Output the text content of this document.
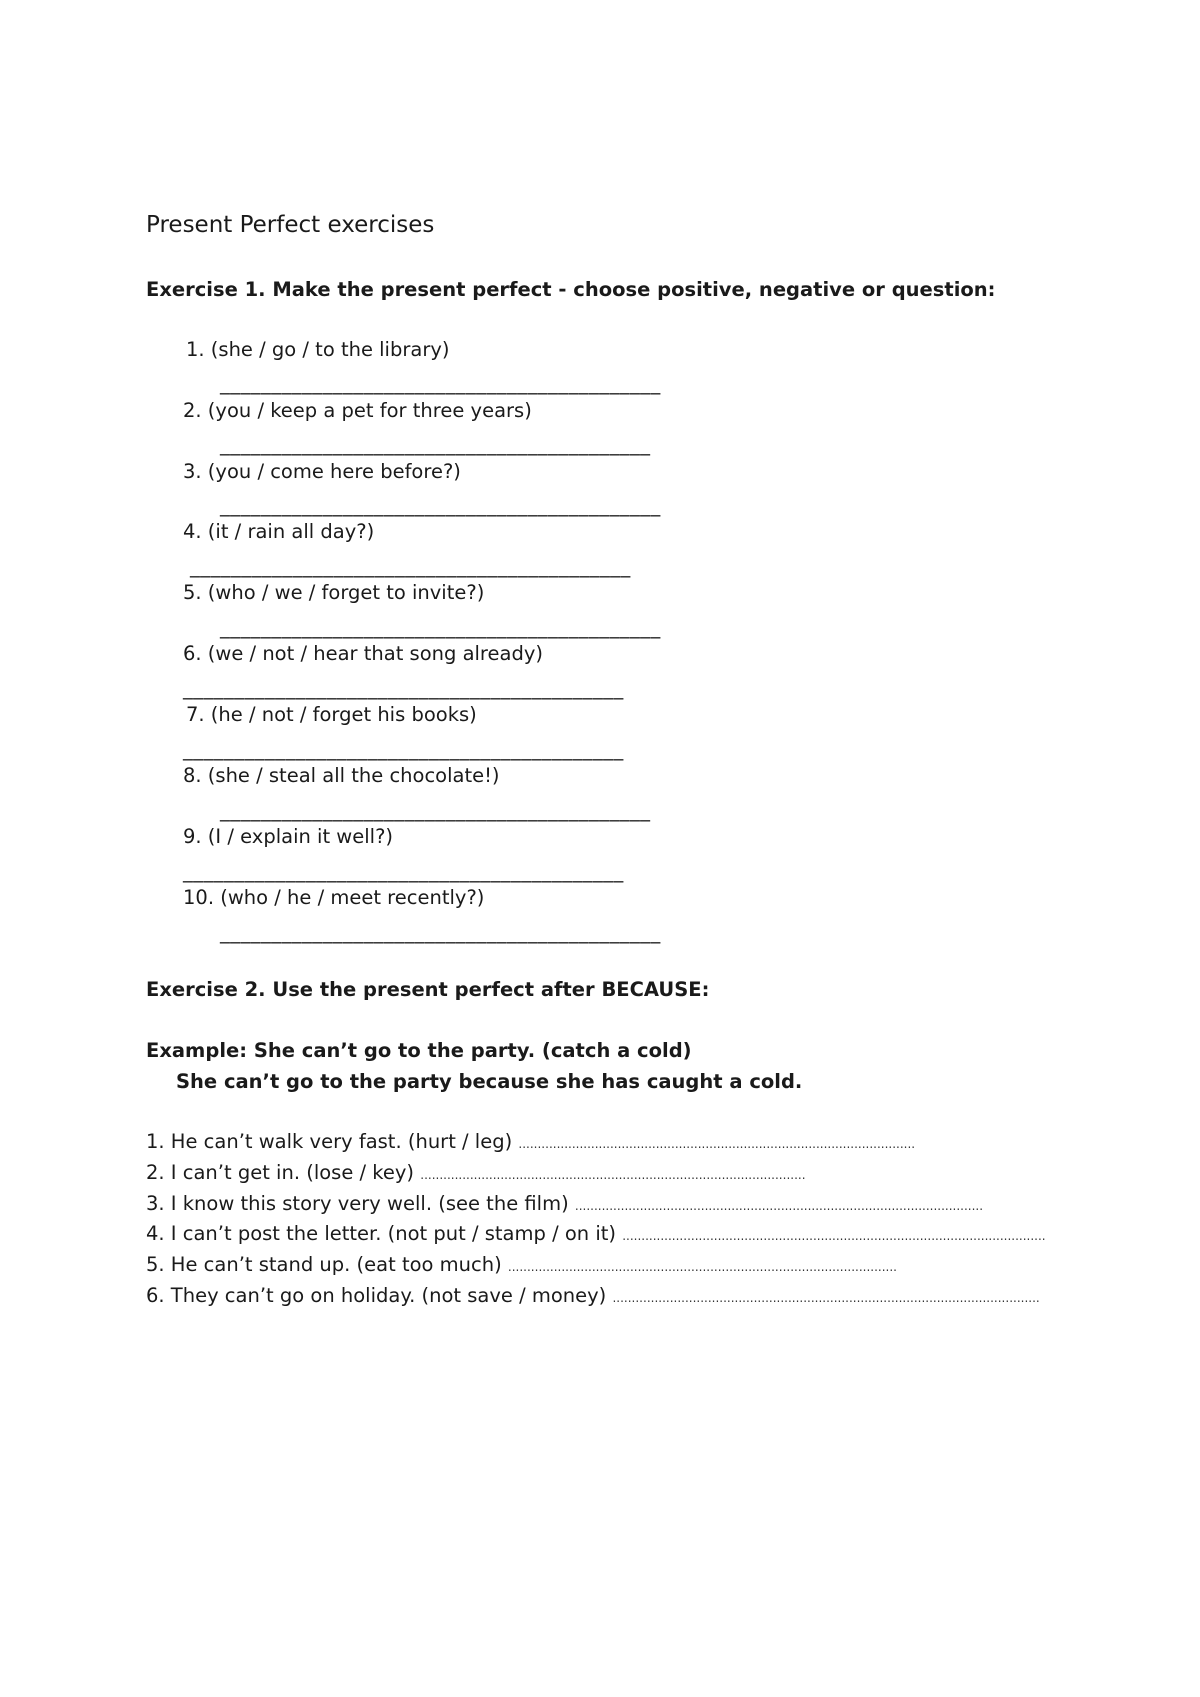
Present Perfect exercises
Exercise 1. Make the present perfect - choose positive, negative or question:
1. (she / go / to the library)
___________________________________________
2. (you / keep a pet for three years)
__________________________________________
3. (you / come here before?)
___________________________________________
4. (it / rain all day?)
___________________________________________
5. (who / we / forget to invite?)
___________________________________________
6. (we / not / hear that song already)
___________________________________________
7. (he / not / forget his books)
___________________________________________
8. (she / steal all the chocolate!)
__________________________________________
9. (I / explain it well?)
___________________________________________
10. (who / he / meet recently?)
___________________________________________
Exercise 2. Use the present perfect after BECAUSE:
Example: She can’t go to the party. (catch a cold)
She can’t go to the party because she has caught a cold.
1. He can’t walk very fast. (hurt / leg) ........................................................................................................
2. I can’t get in. (lose / key) .....................................................................................................
3. I know this story very well. (see the film) ...........................................................................................................
4. I can’t post the letter. (not put / stamp / on it) ...............................................................................................................
5. He can’t stand up. (eat too much) ......................................................................................................
6. They can’t go on holiday. (not save / money) ................................................................................................................
